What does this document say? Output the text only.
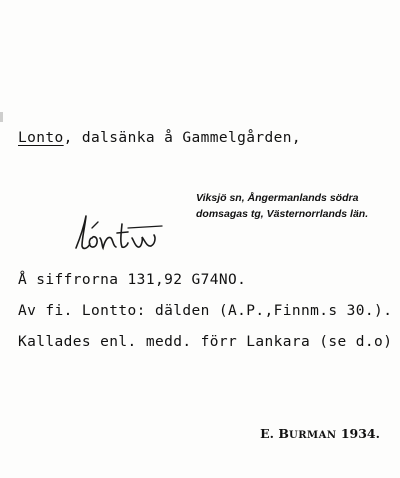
Lonto, dalsänka å Gammelgården,
Viksjö sn, Ångermanlands södra
domsagas tg, Västernorrlands län.
Å siffrorna 131,92 G74NO.
Av fi. Lontto: dälden (A.P.,Finnm.s 30.).
Kallades enl. medd. förr Lankara (se d.o)
E. BURMAN 1934.
